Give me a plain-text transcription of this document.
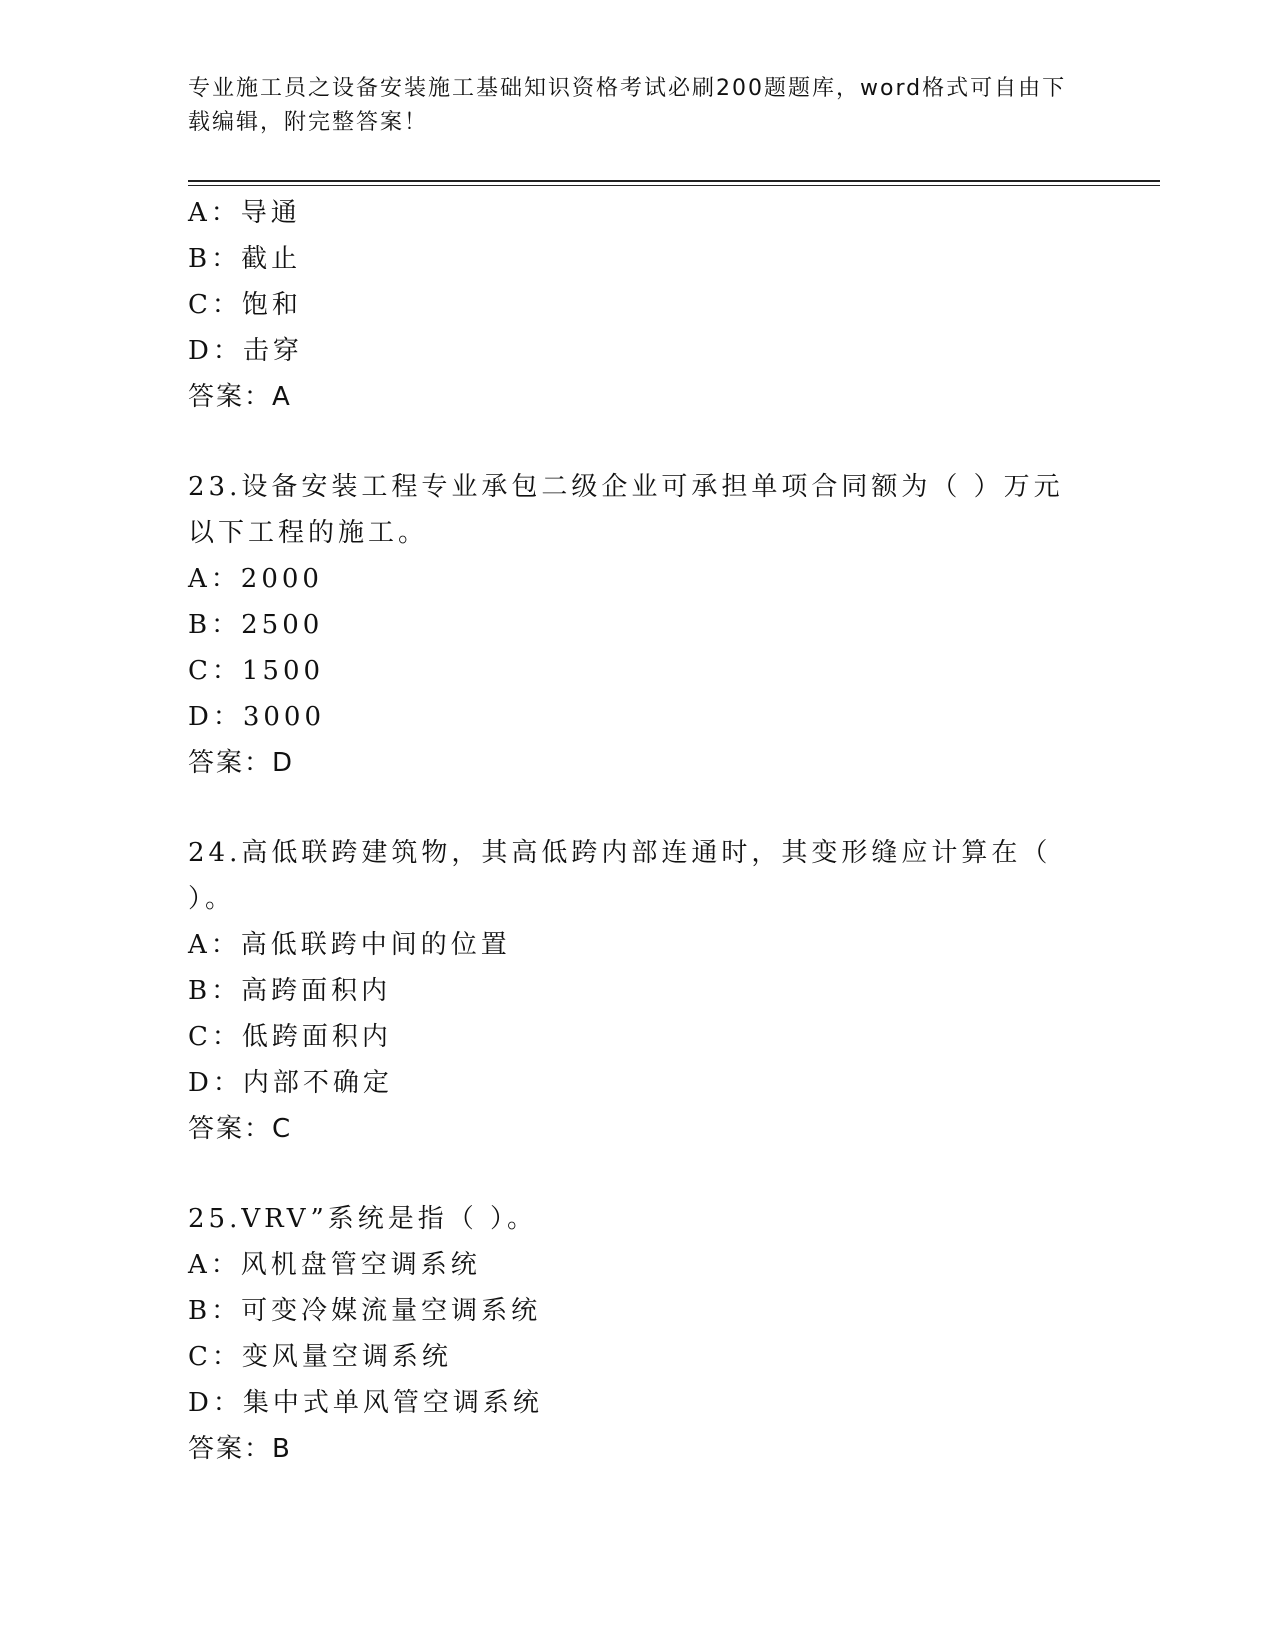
专业施工员之设备安装施工基础知识资格考试必刷200题题库，word格式可自由下载编辑，附完整答案！
A：导通
B：截止
C：饱和
D：击穿
答案：A
23.设备安装工程专业承包二级企业可承担单项合同额为（ ）万元以下工程的施工。
A：2000
B：2500
C：1500
D：3000
答案：D
24.高低联跨建筑物，其高低跨内部连通时，其变形缝应计算在（ ）。
A：高低联跨中间的位置
B：高跨面积内
C：低跨面积内
D：内部不确定
答案：C
25.VRV”系统是指（ ）。
A：风机盘管空调系统
B：可变冷媒流量空调系统
C：变风量空调系统
D：集中式单风管空调系统
答案：B
